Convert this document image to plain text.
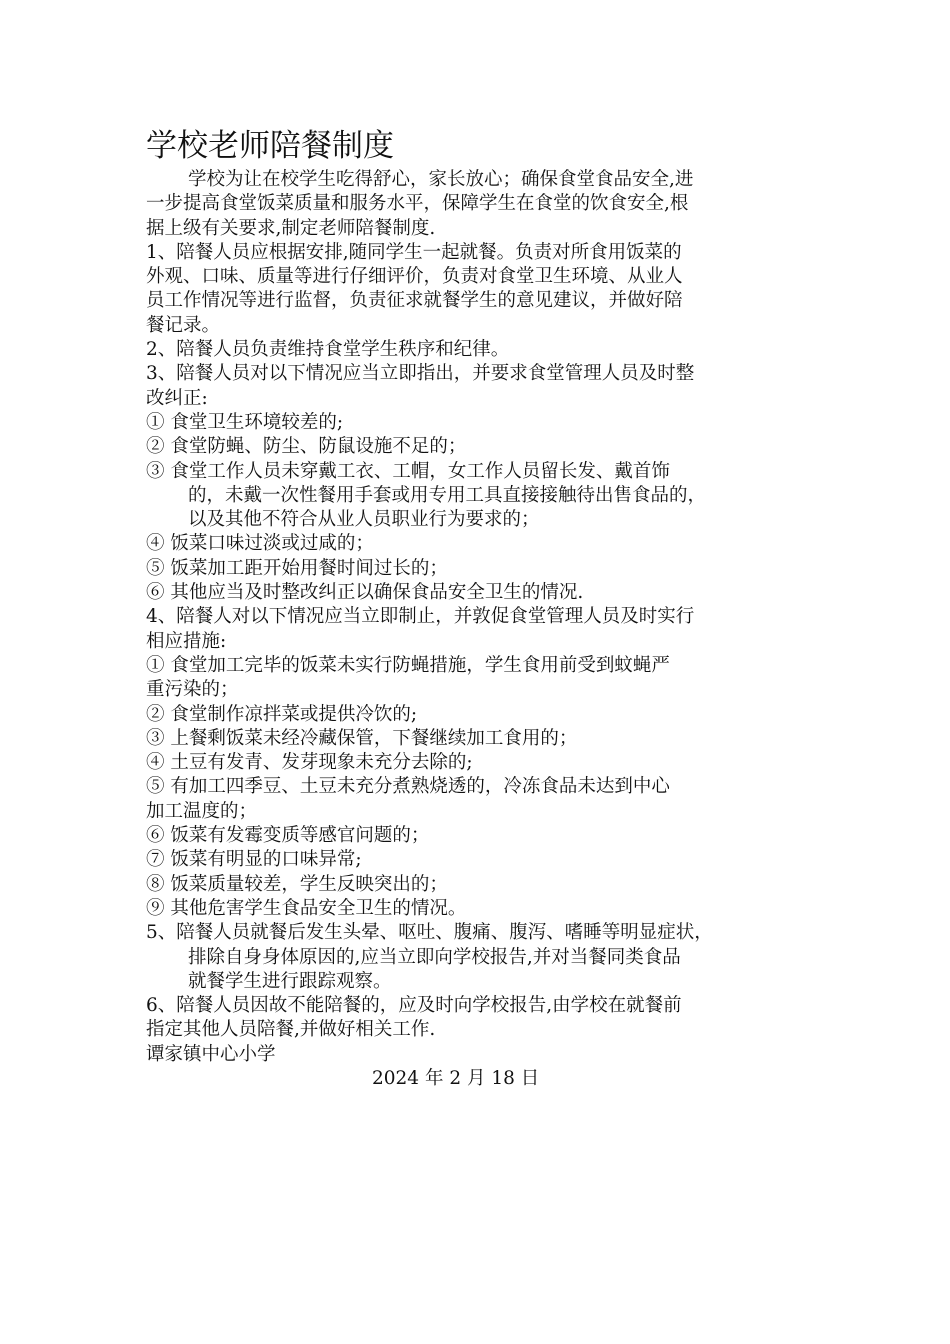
学校老师陪餐制度
学校为让在校学生吃得舒心，家长放心；确保食堂食品安全,进
一步提高食堂饭菜质量和服务水平，保障学生在食堂的饮食安全,根
据上级有关要求,制定老师陪餐制度.
1、陪餐人员应根据安排,随同学生一起就餐。负责对所食用饭菜的
外观、口味、质量等进行仔细评价，负责对食堂卫生环境、从业人
员工作情况等进行监督，负责征求就餐学生的意见建议，并做好陪
餐记录。
2、陪餐人员负责维持食堂学生秩序和纪律。
3、陪餐人员对以下情况应当立即指出，并要求食堂管理人员及时整
改纠正:
① 食堂卫生环境较差的;
② 食堂防蝇、防尘、防鼠设施不足的；
③ 食堂工作人员未穿戴工衣、工帽，女工作人员留长发、戴首饰
的，未戴一次性餐用手套或用专用工具直接接触待出售食品的，
以及其他不符合从业人员职业行为要求的；
④ 饭菜口味过淡或过咸的；
⑤ 饭菜加工距开始用餐时间过长的；
⑥ 其他应当及时整改纠正以确保食品安全卫生的情况.
4、陪餐人对以下情况应当立即制止，并敦促食堂管理人员及时实行
相应措施:
① 食堂加工完毕的饭菜未实行防蝇措施，学生食用前受到蚊蝇严
重污染的；
② 食堂制作凉拌菜或提供冷饮的;
③ 上餐剩饭菜未经冷藏保管，下餐继续加工食用的；
④ 土豆有发青、发芽现象未充分去除的;
⑤ 有加工四季豆、土豆未充分煮熟烧透的，冷冻食品未达到中心
加工温度的；
⑥ 饭菜有发霉变质等感官问题的；
⑦ 饭菜有明显的口味异常;
⑧ 饭菜质量较差，学生反映突出的；
⑨ 其他危害学生食品安全卫生的情况。
5、陪餐人员就餐后发生头晕、呕吐、腹痛、腹泻、嗜睡等明显症状，
排除自身身体原因的,应当立即向学校报告,并对当餐同类食品
就餐学生进行跟踪观察。
6、陪餐人员因故不能陪餐的，应及时向学校报告,由学校在就餐前
指定其他人员陪餐,并做好相关工作.
谭家镇中心小学
2024 年 2 月 18 日
